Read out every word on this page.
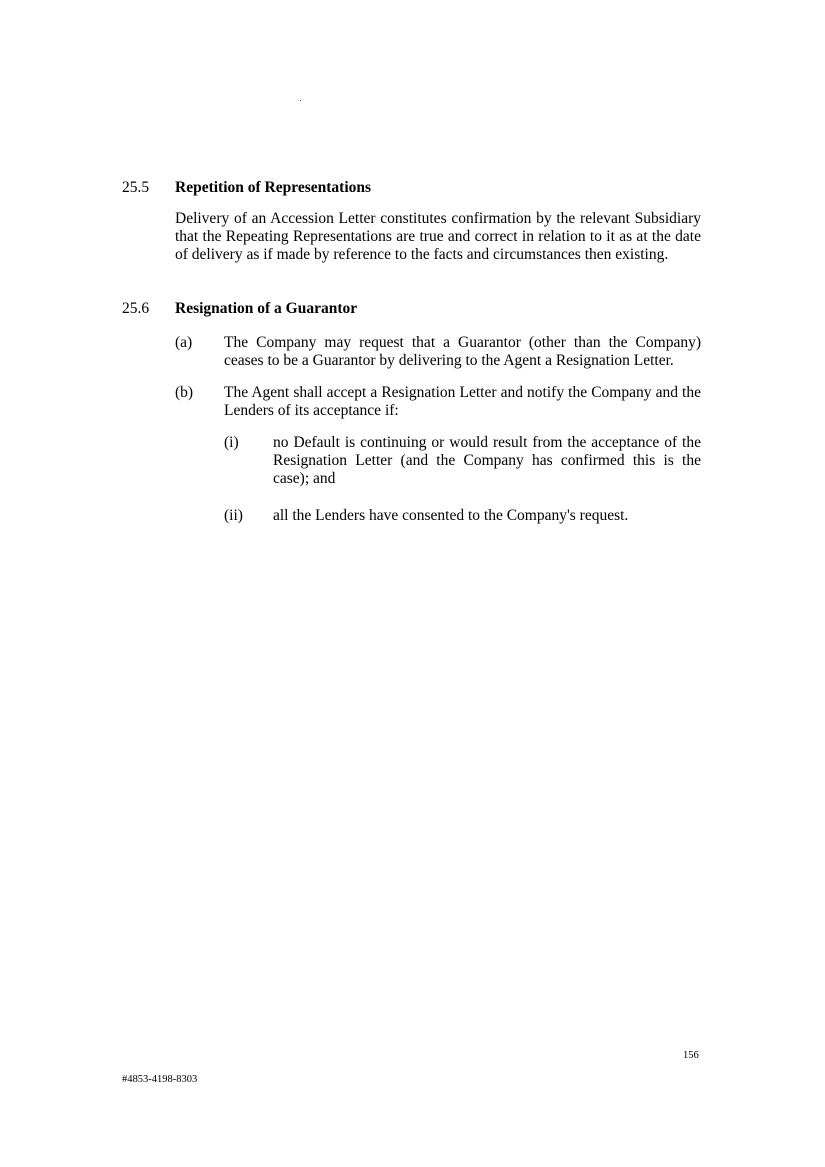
25.5 Repetition of Representations
Delivery of an Accession Letter constitutes confirmation by the relevant Subsidiary that the Repeating Representations are true and correct in relation to it as at the date of delivery as if made by reference to the facts and circumstances then existing.
25.6 Resignation of a Guarantor
(a) The Company may request that a Guarantor (other than the Company) ceases to be a Guarantor by delivering to the Agent a Resignation Letter.
(b) The Agent shall accept a Resignation Letter and notify the Company and the Lenders of its acceptance if:
(i) no Default is continuing or would result from the acceptance of the Resignation Letter (and the Company has confirmed this is the case); and
(ii) all the Lenders have consented to the Company's request.
156
#4853-4198-8303
